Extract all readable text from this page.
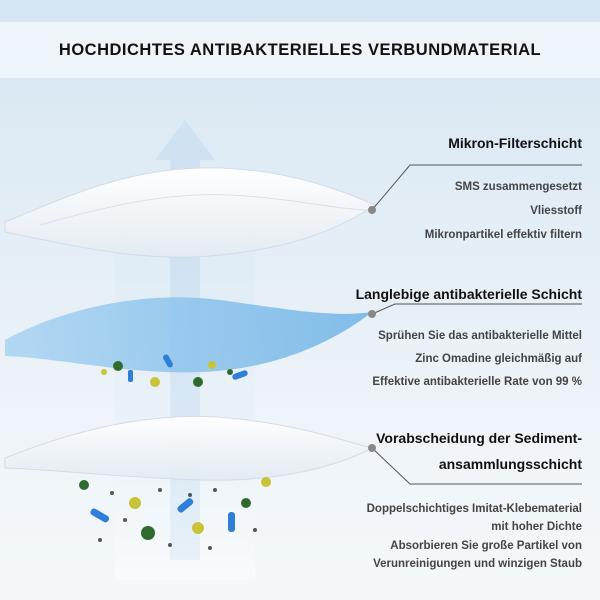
HOCHDICHTES ANTIBAKTERIELLES VERBUNDMATERIAL
Mikron-Filterschicht
SMS zusammengesetzt
Vliesstoff
Mikronpartikel effektiv filtern
Langlebige antibakterielle Schicht
Sprühen Sie das antibakterielle Mittel
Zinc Omadine gleichmäßig auf
Effektive antibakterielle Rate von 99 %
Vorabscheidung der Sediment-
ansammlungsschicht
Doppelschichtiges Imitat-Klebematerial
mit hoher Dichte
Absorbieren Sie große Partikel von
Verunreinigungen und winzigen Staub
